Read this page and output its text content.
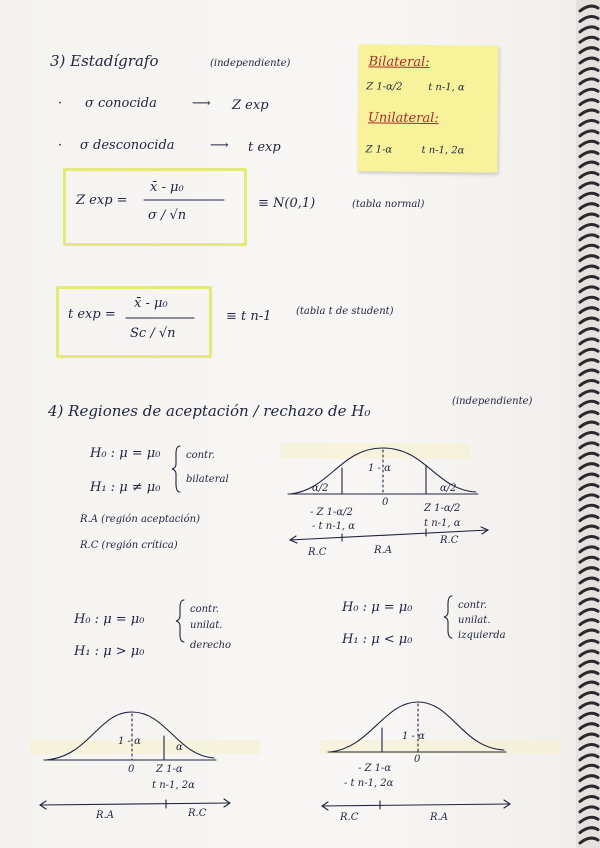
Bilateral:
Z 1-α/2	t n-1, α
Unilateral:
Z 1-α	t n-1, 2α
3) Estadígrafo	(independiente)
· σ conocida	⟶ Z exp
· σ desconocida	⟶ t exp
Z exp =
x̄ - μ₀
σ / √n
≡ N(0,1)	(tabla normal)
t exp =
x̄ - μ₀
Sc / √n
≡ t n-1 (tabla t de student)
4) Regiones de aceptación / rechazo de H₀
(independiente)
H₀ : μ = μ₀
H₁ : μ ≠ μ₀
contr.
bilateral
R.A (región aceptación)
R.C (región crítica)
1 - α
α/2	α/2
0
- Z 1-α/2
- t n-1, α
Z 1-α/2
t n-1, α
R.C	R.A
R.C
H₀ : μ = μ₀
H₁ : μ > μ₀
contr.
unilat.
derecho
H₀ : μ = μ₀
H₁ : μ < μ₀
contr.
unilat.
izquierda
1 - α
α
0 Z 1-α
t n-1, 2α
R.A	R.C
1 - α
0
- Z 1-α
- t n-1, 2α
R.C	R.A
